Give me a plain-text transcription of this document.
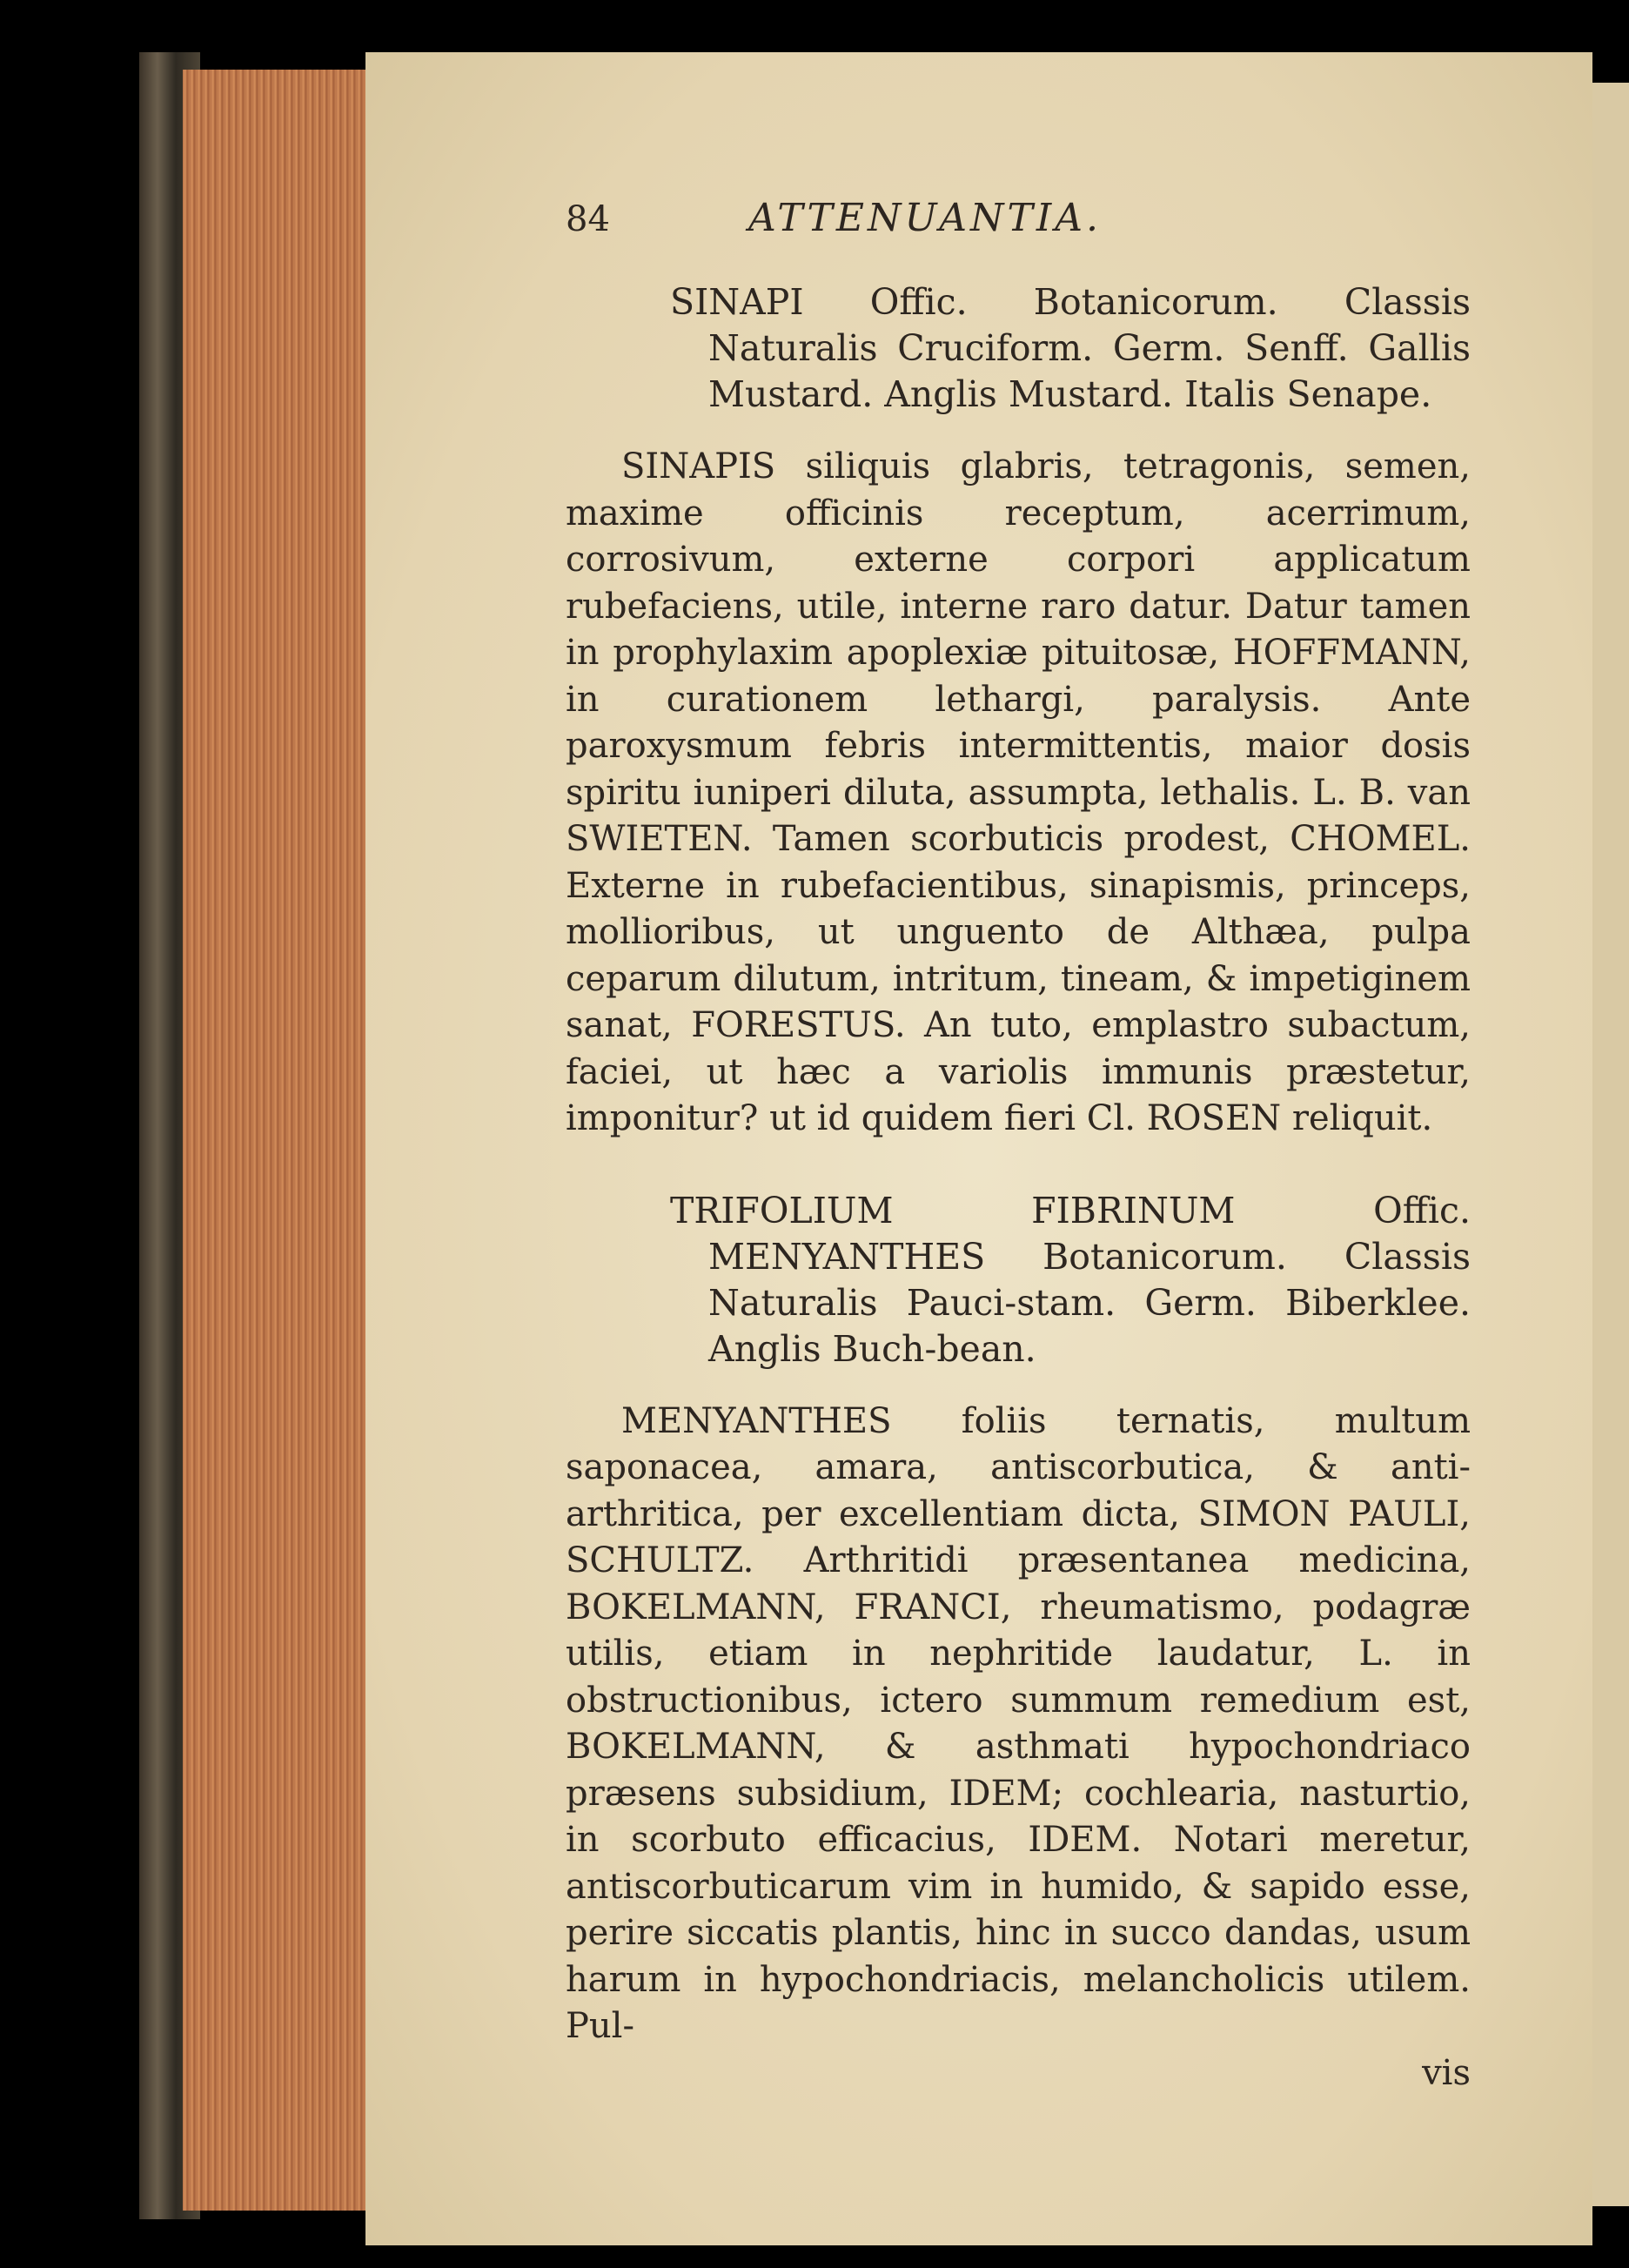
84	ATTENUANTIA.

SINAPI Offic. Botanicorum. Classis Naturalis Cruciform. Germ. Senff. Gallis Mustard. Anglis Mustard. Italis Senape.

SINAPIS siliquis glabris, tetragonis, semen, maxime officinis receptum, acerrimum, corrosivum, externe corpori applicatum rubefaciens, utile, interne raro datur. Datur tamen in prophylaxim apoplexiæ pituitosæ, HOFFMANN, in curationem lethargi, paralysis. Ante paroxysmum febris intermittentis, maior dosis spiritu iuniperi diluta, assumpta, lethalis. L. B. van SWIETEN. Tamen scorbuticis prodest, CHOMEL. Externe in rubefacientibus, sinapismis, princeps, mollioribus, ut unguento de Althæa, pulpa ceparum dilutum, intritum, tineam, & impetiginem sanat, FORESTUS. An tuto, emplastro subactum, faciei, ut hæc a variolis immunis præstetur, imponitur? ut id quidem fieri Cl. ROSEN reliquit.

TRIFOLIUM FIBRINUM Offic. MENYANTHES Botanicorum. Classis Naturalis Pauci-stam. Germ. Biberklee. Anglis Buch-bean.

MENYANTHES foliis ternatis, multum saponacea, amara, antiscorbutica, & anti-arthritica, per excellentiam dicta, SIMON PAULI, SCHULTZ. Arthritidi præsentanea medicina, BOKELMANN, FRANCI, rheumatismo, podagræ utilis, etiam in nephritide laudatur, L. in obstructionibus, ictero summum remedium est, BOKELMANN, & asthmati hypochondriaco præsens subsidium, IDEM; cochlearia, nasturtio, in scorbuto efficacius, IDEM. Notari meretur, antiscorbuticarum vim in humido, & sapido esse, perire siccatis plantis, hinc in succo dandas, usum harum in hypochondriacis, melancholicis utilem. Pul-

vis
